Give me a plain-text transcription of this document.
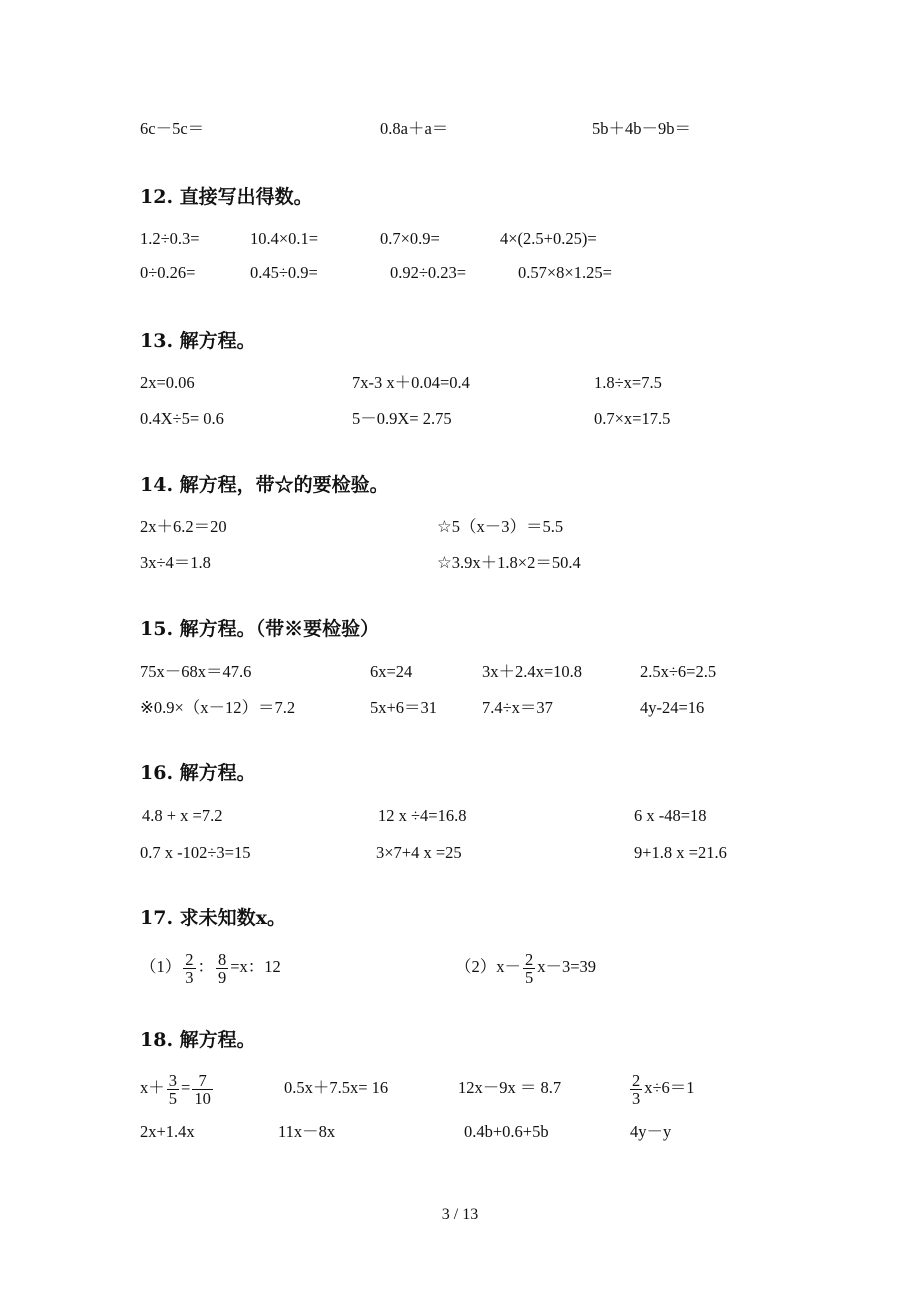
6c－5c＝	0.8a＋a＝	5b＋4b－9b＝
12. 直接写出得数。
1.2÷0.3=	10.4×0.1=	0.7×0.9=	4×(2.5+0.25)=
0÷0.26=	0.45÷0.9=	0.92÷0.23=	0.57×8×1.25=
13. 解方程。
2x=0.06	7x-3 x＋0.04=0.4	1.8÷x=7.5
0.4X÷5= 0.6	5－0.9X= 2.75	0.7×x=17.5
14. 解方程，带☆的要检验。
2x＋6.2＝20	☆5（x－3）＝5.5
3x÷4＝1.8	☆3.9x＋1.8×2＝50.4
15. 解方程。（带※要检验）
75x－68x＝47.6	6x=24	3x＋2.4x=10.8	2.5x÷6=2.5
※0.9×（x－12）＝7.2	5x+6＝31	7.4÷x＝37	4y-24=16
16. 解方程。
4.8 + x =7.2	12 x ÷4=16.8	6 x -48=18
0.7 x -102÷3=15	3×7+4 x =25	9+1.8 x =21.6
17. 求未知数x。
$(1) \frac{2}{3}$ ： $\frac{8}{9} =x$：12	$(2)x- \frac{2}{5} x-3=39$
18. 解方程。
$x+ \frac{3}{5} = \frac{7}{10}$	0.5x＋7.5x= 16	12x－9x ＝ 8.7	$\frac{2}{3} x\div 6=1$
2x+1.4x	11x－8x	0.4b+0.6+5b	4y－y
3 / 13
